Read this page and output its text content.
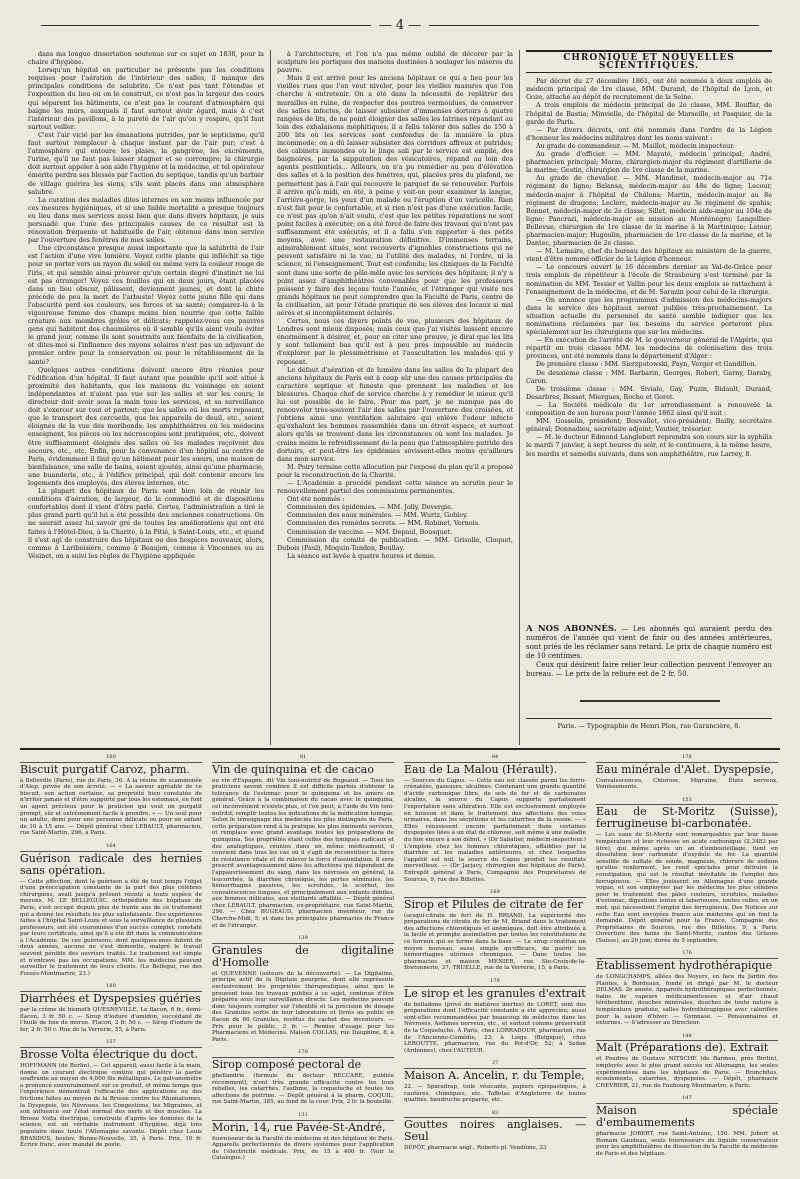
— 4 —

dans ma longue dissertation soutenue sur ce sujet en 1838, pour la chaire d'hygiène.

Lorsqu'un hôpital en particulier ne présente pas les conditions requises pour l'aération de l'intérieur des salles, il manque des principales conditions de salubrité. Ce n'est pas tant l'étendue et l'exposition du lieu où on le construit, ce n'est pas la largeur des cours qui séparent les bâtiments, ce n'est pas le courant d'atmosphère qui baigne les murs, auxquels il faut surtout avoir égard, mais à c'est l'intérieur des pavillons, à la pureté de l'air qu'on y respire, qu'il faut surtout veiller.

C'est l'air vicié par les émanations putrides, par le septicisme, qu'il faut surtout remplacer à chaque instant par de l'air pur; c'est à l'atmosphère qui entoure les plaies, la gangrène, les excréments, l'urine, qu'il ne faut pas laisser stagner et se corrompre; la chirurgie doit surtout appeler à son aide l'hygiène et la médecine, et tel opérateur émérite perdra ses blessés par l'action du septique, tandis qu'un barbier de village guérira les siens, s'ils sont placés dans une atmosphère salubre.

La curation des maladies dites internes en son moins influencée par ces mesures hygiéniques, et si une faible mortalité a presque toujours eu lieu dans mes services aussi bien que dans divers hôpitaux, je suis persuadé que l'une des principales causes de ce résultat est la rénovation fréquente et habituelle de l'air, obtenue dans mon service par l'ouverture des fenêtres de mes salles.

Une circonstance presque aussi importante que la salubrité de l'air est l'action d'une vive lumière. Voyez cette plante qui infléchit sa tige pour se porter vers un rayon du soleil ou même vers la couleur rouge de l'iris, et qui semble ainsi prouver qu'un certain degré d'instinct ne lui est pas étranger! Voyez ces feuilles qui en deux jours, étant placées dans un lieu obscur, pâlissent, deviennent jaunes, et dont la chute précède de peu la mort de l'arbuste! Voyez cette jeune fille qui dans l'obscurité perd ses couleurs, ses forces et sa santé; comparez-la à la vigoureuse femme des champs moins bien nourrie que cette faible créature aux membres grêles et délicats; rappelez-vous ces pauvres gens qui habitent des chaumières où il semble qu'ils aient voulu éviter le grand jour, comme ils sont soustraits aux bienfaits de la civilisation, et dites-moi si l'influence des rayons solaires n'est pas un adjuvant de premier ordre pour la conservation ou pour le rétablissement de la santé?

Quelques autres conditions doivent encore être réunies pour l'édification d'un hôpital. Il faut autant que possible qu'il soit situé à proximité des habitants, que les maisons du voisinage en soient indépendantes et n'aient pas vue sur les salles et sur les cours; le directeur doit avoir sous la main tous les services, et sa surveillance doit s'exercer sur tout et partout; que les salles où les morts reposent, que le transport des cercueils, que les appareils de deuil, etc., soient éloignés de la vue des moribonds; les amphithéâtres où les médecins enseignent, les pièces où les nécroscopies sont pratiquées, etc., doivent être suffisamment éloignés des salles où les malades reçoivent des secours, etc., etc. Enfin, pour la convenance d'un hôpital au centre de Paris, évidemment il faut qu'un bâtiment pour les sœurs, une maison de bienfaisance, une salle de bains, soient ajoutés, ainsi qu'une pharmacie, une buanderie, etc., à l'édifice principal, qui doit contenir encore les logements des employés, des élèves internes, etc.

La plupart des hôpitaux de Paris sont bien loin de réunir les conditions d'aération, de largeur, de la commodité et de dispositions confortables dont il vient d'être parlé. Certes, l'administration a tiré le plus grand parti qu'il lui a été possible des anciennes constructions. On ne saurait assez lui savoir gré de toutes les améliorations qui ont été faites à l'Hôtel-Dieu, à la Charité, à la Pitié, à Saint-Louis, etc., et quand il s'est agi de construire des hôpitaux ou des hospices nouveaux, alors, comme à Lariboisière, comme à Beaujon, comme à Vincennes ou au Vésinet, on a suivi les règles de l'hygiène appliquée

à l'architecture, et l'on n'a pas même oublié de décorer par la sculpture les portiques des maisons destinées à soulager les misères du pauvre.

Mais il est arrivé pour les anciens hôpitaux ce qui a lieu pour les vieilles rues que l'on veut niveler, pour les vieilles masures que l'on cherche à entretenir. On a été dans la nécessité de replâtrer des murailles en ruine, de respecter des poutres vermoulues, de conserver des salles infectes, de laisser subsister d'immenses dortoirs à quatre rangées de lits, de ne point éloigner des salles les latrines répandant au loin des exhalaisons méphitiques; il a fallu tolérer des salles de 150 à 200 lits où les services sont confondus de la manière la plus incommode; on a dû laisser subsister des corridors affreux et putrides; des cabinets immondes où le linge sali par le service est empilé, des baignoires, par la suppuration des vésicatoires, répand au loin des agents pestilentiels... Ailleurs, on n'a pu remédier au peu d'élévation des salles et à la position des fenêtres, qui, placées près du plafond, ne permettent pas à l'air qui recouvre le parquet de se renouveler. Parfois il arrive qu'à midi, en été, à peine y voit-on pour examiner la langue, l'arrière-gorge, les yeux d'un malade ou l'éruption d'un varicelle. Rien n'est fait pour le confortable, et si rien n'est pas d'une exécution facile, ce n'est pas qu'on n'ait voulu, c'est que les petites réparations ne sont point faciles à exécuter; on a été forcé de faire des travaux qui n'ont pas suffisamment été exécutés, et il a fallu s'en rapporter à des petits moyens, avec une restauration définitive. D'immenses terrains, admirablement situés, sont recouverts d'ignobles constructions qui ne peuvent satisfaire ni la vue, ni l'utilité des malades, ni l'ordre, ni la science, ni l'enseignement. Tout est confondu; les cliniques de la Faculté sont dans une sorte de pêle-mêle avec les services des hôpitaux; il n'y a point assez d'amphithéâtres convenables pour que les professeurs puissent y faire des leçons toute l'année, et l'étranger qui visite nos grands hôpitaux ne peut comprendre que la Faculté de Paris, centre de la civilisation, ait pour l'étude pratique de ses élèves des locaux si mal aérés et si incomplètement éclairés.

Certes, nous ces divers points de vue, plusieurs des hôpitaux de Londres sont mieux disposés; mais ceux que j'ai visités laissent encore énormément à désirer, et, pour en citer une preuve, je dirai que les lits y sont tellement bas qu'il est à peu près impossible au médecin d'explorer par le plessimétrisme et l'auscultation les malades qui y reposent.

Le défaut d'aération et de lumière dans les salles de la plupart des anciens hôpitaux de Paris est à coup sûr une des causes principales du caractère septique et funeste que prennent les maladies et les blessures. Chaque chef de service cherche à y remédier le mieux qu'il lui est possible de le faire. Pour ma part, je ne manque pas de renouveler très-souvent l'air des salles par l'ouverture des croisées, et j'obtiens ainsi une ventilation salutaire qui enlève l'odeur infecte qu'exhalent les hommes rassemblés dans un étroit espace, et surtout alors qu'ils se trouvent dans les circonstances où sont les malades. Je crains moins le refroidissement de la peau que l'atmosphère putride des dortoirs, et peut-être les épidémies sévissent-elles moins qu'ailleurs dans mon service.

M. Poiry termine cette allocution par l'exposé du plan qu'il a proposé pour la reconstruction de la Charité.

— L'Académie a procédé pendant cette séance au scrutin pour le renouvellement partiel des commissions permanentes.

Ont été nommés :

Commission des épidémies. — MM. Jolly, Devergie.

Commission des eaux minérales. — MM. Wurtz, Gobley.

Commission des remèdes secrets. — MM. Robinet, Vernois.

Commission de vaccine. — MM. Depaul, Bousquet.

Commission du comité de publication. — MM. Grisolle, Cloquet, Dubois (Paul), Moquin-Tandon, Boullay.

La séance est levée à quatre heures et demie.

CHRONIQUE ET NOUVELLES SCIENTIFIQUES.

Par décret du 27 décembre 1861, ont été nommés à deux emplois de médecin principal de 1re classe, MM. Durand, de l'hôpital de Lyon, et Goze, attaché au dépôt de recrutement de la Seine.

A trois emplois de médecin principal de 2e classe, MM. Bouffar, de l'hôpital de Bastia; Minvielle, de l'hôpital de Marseille, et Pasquier, de la garde de Paris.

— Par divers décrets, ont été nommés dans l'ordre de la Légion d'honneur les médecins militaires dont les noms suivent :

Au grade de commandeur. — M. Maillot, médecin inspecteur.

Au grade d'officier. — MM. Mayaté, médecin principal; André, pharmacien principal; Moras, chirurgien-major du régiment d'artillerie de la marine; Gestin, chirurgien de 1re classe de la marine.

Au grade de chevalier. — MM. Mandinet, médecin-major au 71e régiment de ligne; Balansa, médecin-major au 48e de ligne; Lecour, médecin-major à l'hôpital de Châlons; Martin, médecin-major au 8e régiment de dragons; Leclerc, médecin-major au 3e régiment de spahis; Bonnet, médecin-major de 2e classe; Sillet, médecin aide-major au 104e de ligne; Pancrazi, médecin-major en mission au Monténégro; Langellier-Bellevue, chirurgien de 1re classe de la marine à la Martinique; Latour, pharmacien-major; Hugoulin, pharmacien de 1re classe de la marine, et le Dantec, pharmacien de 2e classe.

— M. Lemaire, chef du bureau des hôpitaux au ministère de la guerre, vient d'être nommé officier de la Légion d'honneur.

— Le concours ouvert le 16 décembre dernier au Val-de-Grâce pour trois emplois de répétiteur à l'école de Strasbourg s'est terminé par la nomination de MM. Tessier et Vallin pour les deux emplois se rattachant à l'enseignement de la médecine, et de M. Sarazin pour celui de la chirurgie.

— On annonce que les programmes d'admission des médecins-majors dans le service des hôpitaux seront publiés très-prochainement. La situation actuelle du personnel de santé semble indiquer que les nominations réclamées par les besoins du service porteront plus spécialement sur les chirurgiens que sur les médecins.

— En exécution de l'arrêté de M. le gouverneur général de l'Algérie, qui répartit en trois classes MM. les médecins de colonisation des trois provinces, ont été nommés dans le département d'Alger :

De première classe : MM. Sierzputowski, Payn, Verger et Gandillon.

De deuxième classe : MM. Barbarin, Georges, Robert, Garny, Daraby, Caron.

De troisième classe : MM. Siviale, Gay, Puzin, Bidault, Durand, Desarbres, Besset, Miergues, Roche et Goret.

— La Société médicale du 1er arrondissement a renouvelé la composition de son bureau pour l'année 1862 ainsi qu'il suit :

MM. Gosselin, président; Bouvallet, vice-président; Bailly, secrétaire général; Donnadieu, secrétaire adjoint; Vautier, trésorier.

— M. le docteur Edmond Langlebert reprendra son cours sur la syphilis le mardi 7 janvier, à sept heures du soir, et le continuera, à la même heure, les mardis et samedis suivants, dans son amphithéâtre, rue Larrey, 8.

A NOS ABONNÉS. — Les abonnés qui auraient perdu des numéros de l'année qui vient de finir ou des années antérieures, sont priés de les réclamer sans retard. Le prix de chaque numéro est de 10 centimes.

Ceux qui désirent faire relier leur collection peuvent l'envoyer au bureau. — Le prix de la reliure est de 2 fr. 50.

Paris. — Typographie de Henri Plon, rue Garancière, 8.
160
Biscuit purgatif Caroz, pharm.
à Belleville (Paris), rue de Paris, 36. A la résine de scammonée d'Alep, privée de son âcreté. — « La saveur agréable de ce biscuit, son action certaine, sa propriété bien constatée de n'irriter jamais et d'être supporté par tous les estomacs, en font un agent précieux pour le praticien qui veut un purgatif prompt, sûr et extrêmement facile à prendre. » — Un seul pour un adulte, demi pour une personne délicate ou pour un enfant de 10 à 15 ans. — Dépôt général chez LEBAULT, pharmacien, rue Saint-Martin, 296, à Paris.
164
Guérison radicale des hernies sans opération.
— Cette affection, dont la guérison a été de tout temps l'objet d'une préoccupation constante de la part des plus célèbres chirurgiens, avait jusqu'à présent résisté à toute espèce de moyens. M. LE BELLEGUIC, orthopédiste des hôpitaux de Paris, s'est occupé depuis plus de trente ans de ce traitement qui a donné les résultats les plus satisfaisants. Des expériences faites à l'hôpital Saint-Louis et sous la surveillance de plusieurs professeurs, ont été couronnées d'un succès complet, constaté par leurs certificats, ainsi qu'il a été dit dans la communication à l'Académie. De ces guérisons, dont quelques-unes datent de deux années, aucune ne s'est démentie, malgré le travail souvent pénible des ouvriers traités. Le traitement est simple et n'entrave pas les occupations. MM. les médecins peuvent surveiller le traitement de leurs clients. (Le Bellegui, rue des Fossés-Montmartre, 23.)
180
Diarrhées et Dyspepsies guéries
par la crème de bismuth QUESNEVILLE. Le flacon, 6 fr., demi-flacon, 3 fr. 50 c. — Sirop d'iodure d'amidon, succédané de l'huile de foie de morue. Flacon, 2 fr. 50 c. — Sirop d'iodure de fer, 2 fr. 50 c. Rue de la Verrerie, 55, à Paris.
157
Brosse Volta électrique du doct.
HOFFMANN (de Berlin). — Cet appareil, aussi facile à la main, donne un courant électrique continu qui pénètre la partie souffrante au moyen de 4,000 fils métalliques. Le galvanomètre a prononcé souverainement sur ce produit, et même temps que l'expérience démontrait l'efficacité des applications ou des frictions faites au moyen de la Brosse contre les Rhumatismes, la Dyspepsie, les Névroses, les Congestions, les Migraines, et son influence sur l'état normal des nerfs et des muscles. La Brosse Volta électrique, construite d'après les données de la science, est un véritable instrument d'hygiène, déjà très populaire dans toute l'Allemagne savante. Dépôt chez Louis BRANDUS, boulev. Bonne-Nouvelle, 35, à Paris. Prix, 10 fr. Écrire franc, avec mandat de poste.
81
Vin de quinquina et de cacao
au vin d'Espagne, dit Vin toni-nutritif de Bugeaud. — Tous les praticiens savent combien il est difficile parfois d'obtenir la tolérance de l'estomac pour le quinquina et les amers en général. Grâce à la combinaison du cacao avec le quinquina, cet inconvénient n'existe plus, et l'on peut, à l'aide du Vin toni-nutritif, remplir toutes les indications de la médication tonique. Selon le témoignage des médecins les plus distingués de Paris, cette préparation rend à la pratique les plus éminents services, et remplace avec grand avantage toutes les préparations de quinquina. Ses propriétés étant celles des toniques radicaux et des analeptiques, réunies dans un même médicament, il convient dans tous les cas où il s'agit de reconstituer la force de résistance vitale et de relever la force d'assimilation. Il sera prescrit avantageusement dans les affections qui dépendent de l'appauvrissement du sang, dans les névroses en général, la leucorrhée, la diarrhée chronique, les pertes séminales, les hémorrhagies passives, les scrofules, le scorbut, les convalescences longues, et principalement aux enfants débiles, aux femmes délicates, aux vieillards affaiblis. — Dépôt général chez LEBAULT, pharmacien, ex-propriétaire, rue Saint-Martin, 296. — Chez BUGEAUD, pharmacien inventeur, rue du Cherche-Midi, 5; et dans les principales pharmacies de France et de l'étranger.
139
Granules de digitaline d'Homolle
et QUEVENNE (auteurs de la découverte). — La Digitaline, principe actif de la Digitale pourprée, dont elle représente exclusivement les propriétés thérapeutiques, ainsi que le prouvent tous les travaux publiés à ce sujet, continue d'être préparée sous leur surveillance directe. Les médecins peuvent donc toujours compter sur l'identité et la précision de dosage des Granules sortis de leur laboratoire et livrés au public en flacon de 60 Granules, revêtus du cachet des inventeurs. — Prix pour le public, 3 fr. — Remise d'usage pour les Pharmaciens et Médecins. Maison COLLAS, rue Dauphine, 8, à Paris.
170
Sirop composé pectoral de
phellandrie (formule du docteur BECCARE, publiée récemment), n'ont très grande efficacité contre les toux rebelles, les catarrhes, l'asthme, la coqueluche et toutes les affections de poitrine. — Dépôt général à la pharm. COQUIL, rue Saint-Martin, 385, au fond de la cour. Prix, 2 fr. la bouteille.
131
Morin, 14, rue Pavée-St-André,
fournisseur de la Faculté de médecine et des hôpitaux de Paris. Appareils perfectionnés de divers systèmes pour l'application de l'électricité médicale. Prix, de 15 à 400 fr. (Voir le Catalogue.)
84
Eau de La Malou (Hérault).
— Sources du Capus. — Cette eau est classée parmi les ferro-crénatées, gazeuses, alcalines. Contenant une grande quantité d'acide carbonique libre, de sels de fer et de carbonates alcalins, la source du Capus supporte parfaitement l'exportation sans altération. Elle est exclusivement employée en boisson et dans le traitement des affections des voies urinaires, dans les sécrétions et les catarrhes de la vessie. — « Elles réussissent encore parfaitement dans certaines dyspepsies liées à un état de chlorose, soit même à une maladie du foie encore à son début. » (Dr Sabatier, médecin-inspecteur.) L'emploie chez les femmes chlorotiques, affaiblies par la diarrhée et les maladies antérieures, et chez lesquelles l'appétit est nul, la source du Capus produit les résultats merveilleux. — (Dr Jarjavy, chirurgien des hôpitaux de Paris). Entrepôt général à Paris, Compagnie des Propriétaires de Sources, 9, rue des Billettes.
169
Sirop et Pilules de citrate de fer
(sesqui-citrate de fer) de H. BRIAND. La supériorité des préparations de citrate de fer de M. Briand dans le traitement des affections chlorotiques et anémiques, doit être attribuée à la facile et prompte assimilation par toutes les constitutions de ce ferreux qui se forme dans la base. — Le sirop constitue un moyen nouveau, aussi simple qu'efficace, de guérir les hémorrhagies utérines chroniques. — Dans toutes les pharmacies et maison MENIER, rue Ste-Croix-de-la-Bretonnerie, 37; TRUELLE, rue de la Verrerie, 15, à Paris.
179
Le sirop et les granules d'extrait
de belladone (privé de matières inertes) de LORET, sont des préparations dont l'efficacité constante a été appréciée; aussi sont-elles recommandées par beaucoup de médecins dans les Névroses, Asthmes nerveux, etc., et surtout comme préservatif de la Coqueluche. A Paris, chez LORRADOUR, pharmacien, rue de l'Ancienne-Comédie, 23; à Liège (Belgique), chez LEROUTTE, pharmacien, rue du Pot-d'Or, 52; à Sedan (Ardennes), chez l'AUTEUR.
37
Maison A. Ancelin, r. du Temple,
22. — Sparadrap, toile vésicante, papiers épispastiques, à cautères, chimiques, etc. Taffetas d'Angleterre de toutes qualités, baudruche préparée, etc.
83
Gouttes noires anglaises. — Seul
DÉPÔT, pharmacie angl., Roberts pl. Vendôme, 23
178
Eau minérale d'Alet. Dyspepsie,
Convalescences, Chlorose, Migraine, États nerveux, Vomissements.
153
Eau de St-Moritz (Suisse), ferrugineuse bi-carbonatée.
— Les eaux de St-Moritz sont remarquables par leur basse température et leur richesse en acide carbonique (2,3483 par litre), qui même après un an d'embouteillage, tient en dissolution leur carbonate d'oxydule de fer. La quantité sensible de sulfate de soude, magnésie, chlorure de sodium qu'elles renferment, les rend spéciales pour détruire la constipation, qui est le résultat inévitable de l'emploi des ferrugineux. — Elles jouissent en Allemagne d'une grande vogue, et son employées par les médecins les plus célèbres pour le traitement des pâles couleurs, scrofules, maladies d'estomac, digestions lentes et laborieuses, toutes celles, en un mot, qui nécessitent l'emploi des ferrugineux. Des Notices sur cette Eau sont envoyées franco aux médecins qui en font la demande. Dépôt général pour la France, Compagnie des Propriétaires de Sources, rue des Billettes, 9, à Paris. Ouverture des bains de Saint-Moritz, canton des Grisons (Suisse), au 20 juin; durée du 5 septembre.
176
Établissement hydrothérapique
de LONGCHAMPS, allées des Noyers, en face du Jardin des Plantes, à Bordeaux, fondé et dirigé par M. le docteur DELMAS. 2e année. Appareils hydrothérapiques perfectionnés, bains de vapeurs médicamenteuses et d'air chaud térébenthiné, douches minérales, douches de toute nature à température graduée, salles hydrothérapiques avec calorifère pour la saison d'hiver. — Gymnase. — Pensionnaires et externes. — S'adresser au Directeur.
148
Malt (Préparations de). Extrait
et Poudres de Gustave NITSCHE (de Barmen, près Berlin), employés avec le plus grand succès en Allemagne, les seules expérimentées dans les hôpitaux de Paris. — Bronchites, écoulements, catarrhes, dyspepsies. — Dépôt, pharmacie CHEVRIER, 21, rue du Faubourg Montmartre, à Paris.
147
Maison spéciale d'embaumements
pharmacie JOBERT, rue Saint-Antoine, 150. MM. Jobert et Romain Gaudeau, seuls fournisseurs du liquide conservateur pour les amphithéâtres de dissection de la Faculté de médecine de Paris et des hôpitaux.
